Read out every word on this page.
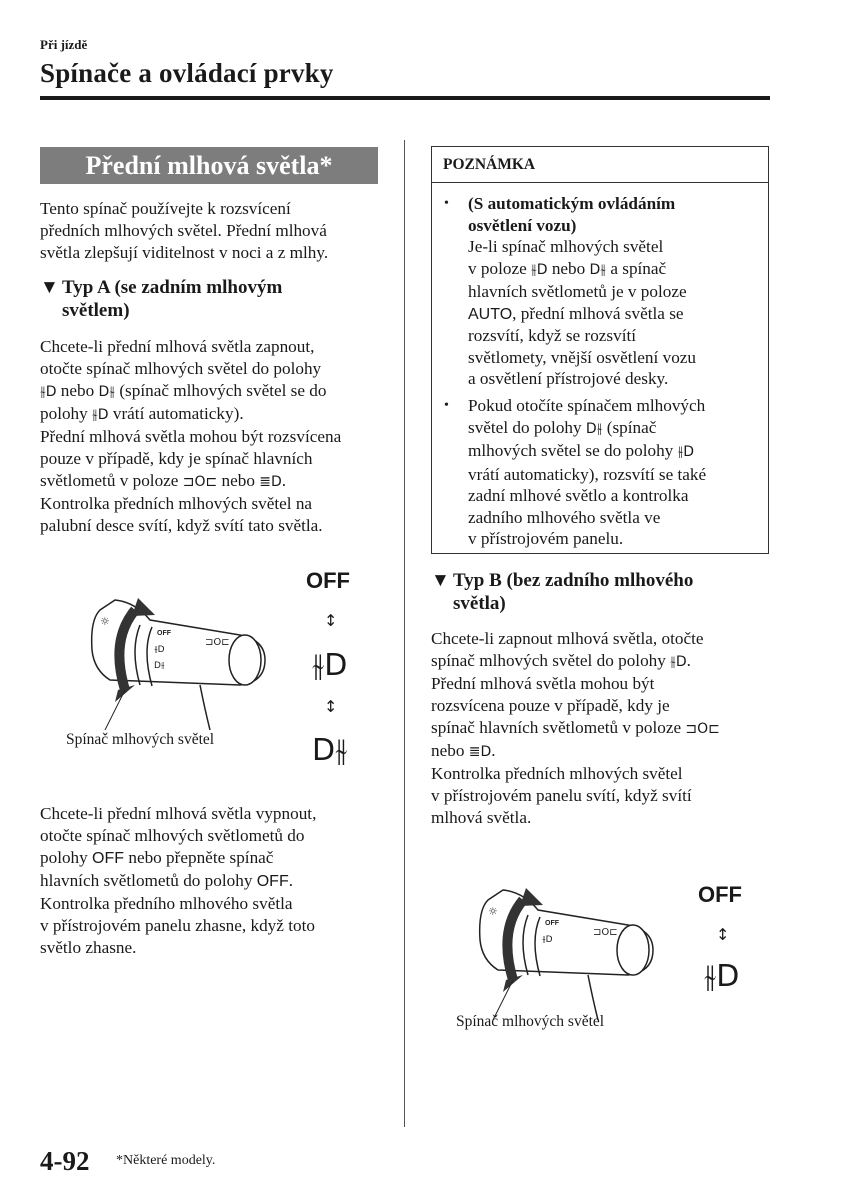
Při jízdě
Spínače a ovládací prvky
Přední mlhová světla*
Tento spínač používejte k rozsvícení
předních mlhových světel. Přední mlhová
světla zlepšují viditelnost v noci a z mlhy.
▼ Typ A (se zadním mlhovým
světlem)
Chcete-li přední mlhová světla zapnout,
otočte spínač mlhových světel do polohy
⫳D nebo D⫳ (spínač mlhových světel se do
polohy ⫳D vrátí automaticky).
Přední mlhová světla mohou být rozsvícena
pouze v případě, kdy je spínač hlavních
světlometů v poloze ⊐O⊏ nebo ≣D.
Kontrolka předních mlhových světel na
palubní desce svítí, když svítí tato světla.
☼
OFF
⫳D
D⫳
⊐O⊏
OFF
↕
⫳D
↕
D⫳
Spínač mlhových světel
Chcete-li přední mlhová světla vypnout,
otočte spínač mlhových světlometů do
polohy OFF nebo přepněte spínač
hlavních světlometů do polohy OFF.
Kontrolka předního mlhového světla
v přístrojovém panelu zhasne, když toto
světlo zhasne.
4-92 *Některé modely.
POZNÁMKA
• (S automatickým ovládáním
osvětlení vozu)
Je-li spínač mlhových světel
v poloze ⫳D nebo D⫳ a spínač
hlavních světlometů je v poloze
AUTO, přední mlhová světla se
rozsvítí, když se rozsvítí
světlomety, vnější osvětlení vozu
a osvětlení přístrojové desky.
• Pokud otočíte spínačem mlhových
světel do polohy D⫳ (spínač
mlhových světel se do polohy ⫳D
vrátí automaticky), rozsvítí se také
zadní mlhové světlo a kontrolka
zadního mlhového světla ve
v přístrojovém panelu.
▼ Typ B (bez zadního mlhového
světla)
Chcete-li zapnout mlhová světla, otočte
spínač mlhových světel do polohy ⫳D.
Přední mlhová světla mohou být
rozsvícena pouze v případě, kdy je
spínač hlavních světlometů v poloze ⊐O⊏
nebo ≣D.
Kontrolka předních mlhových světel
v přístrojovém panelu svítí, když svítí
mlhová světla.
☼
OFF
⫳D
⊐O⊏
OFF
↕
⫳D
Spínač mlhových světel
